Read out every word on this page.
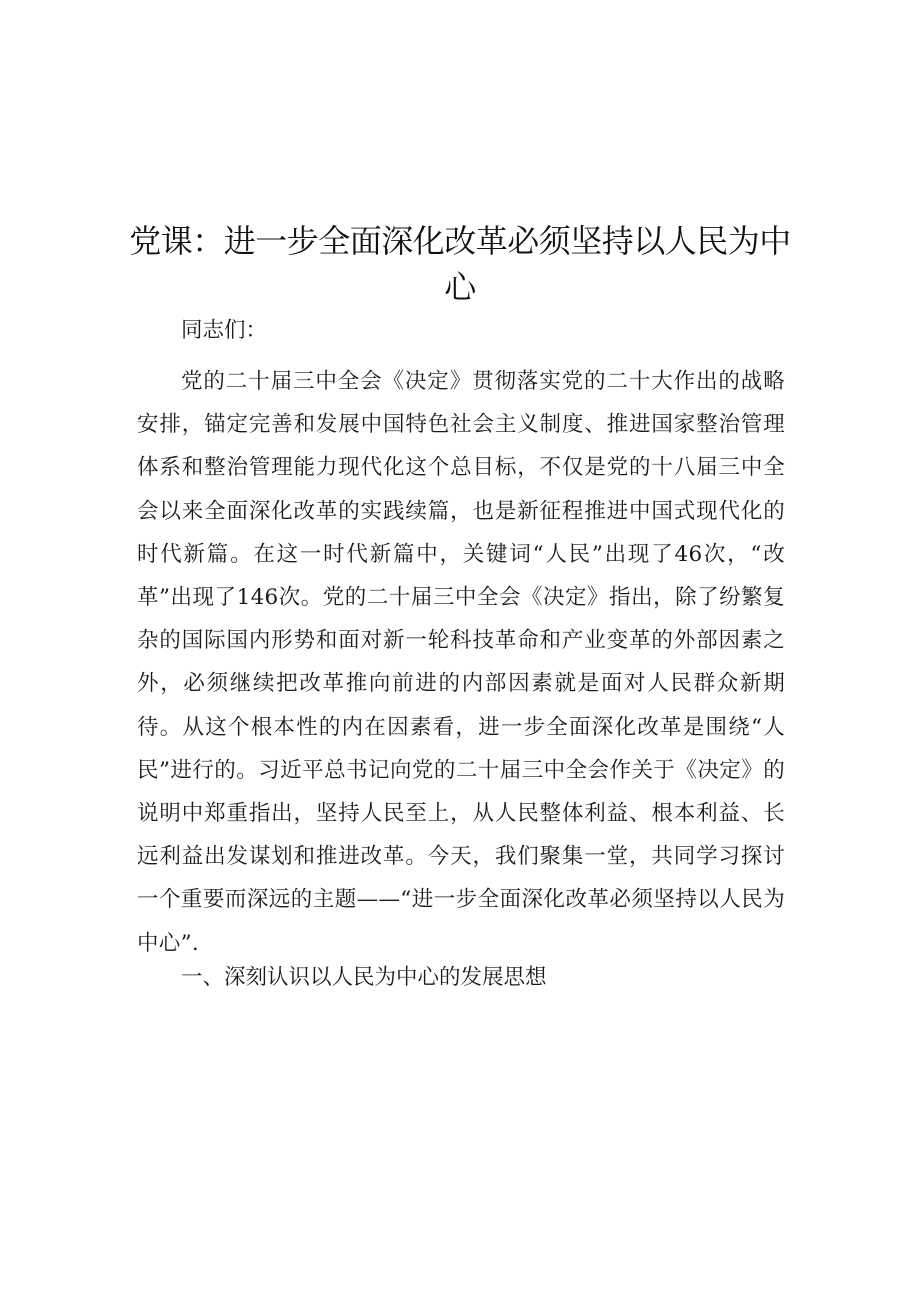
党课：进一步全面深化改革必须坚持以人民为中心

同志们：

党的二十届三中全会《决定》贯彻落实党的二十大作出的战略安排，锚定完善和发展中国特色社会主义制度、推进国家整治管理体系和整治管理能力现代化这个总目标，不仅是党的十八届三中全会以来全面深化改革的实践续篇，也是新征程推进中国式现代化的时代新篇。在这一时代新篇中，关键词“人民”出现了46次，“改革”出现了146次。党的二十届三中全会《决定》指出，除了纷繁复杂的国际国内形势和面对新一轮科技革命和产业变革的外部因素之外，必须继续把改革推向前进的内部因素就是面对人民群众新期待。从这个根本性的内在因素看，进一步全面深化改革是围绕“人民”进行的。习近平总书记向党的二十届三中全会作关于《决定》的说明中郑重指出，坚持人民至上，从人民整体利益、根本利益、长远利益出发谋划和推进改革。今天，我们聚集一堂，共同学习探讨一个重要而深远的主题——“进一步全面深化改革必须坚持以人民为中心”.

一、深刻认识以人民为中心的发展思想
